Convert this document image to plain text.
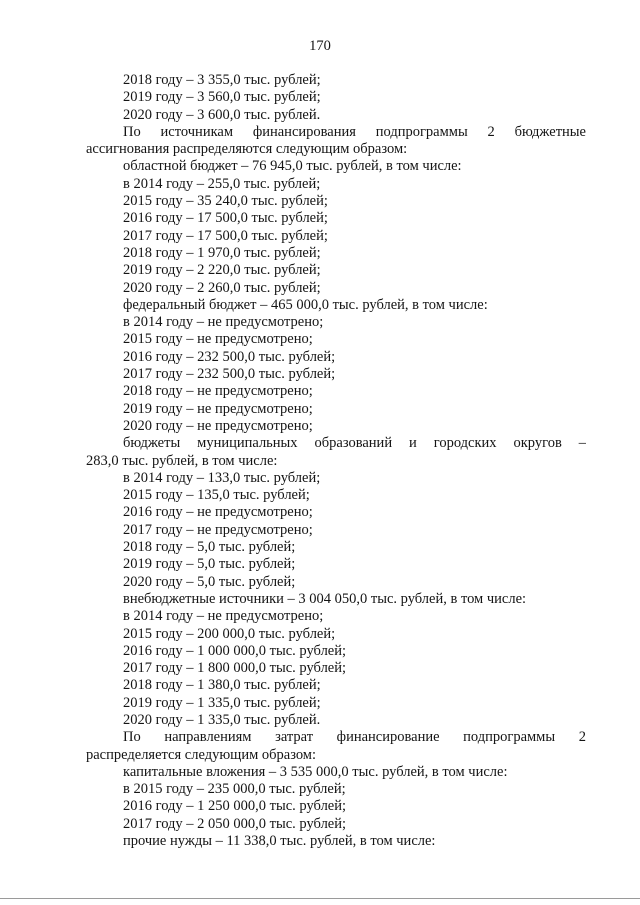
170
2018 году – 3 355,0 тыс. рублей;
2019 году – 3 560,0 тыс. рублей;
2020 году – 3 600,0 тыс. рублей.
По источникам финансирования подпрограммы 2 бюджетные
ассигнования распределяются следующим образом:
областной бюджет – 76 945,0 тыс. рублей, в том числе:
в 2014 году – 255,0 тыс. рублей;
2015 году – 35 240,0 тыс. рублей;
2016 году – 17 500,0 тыс. рублей;
2017 году – 17 500,0 тыс. рублей;
2018 году – 1 970,0 тыс. рублей;
2019 году – 2 220,0 тыс. рублей;
2020 году – 2 260,0 тыс. рублей;
федеральный бюджет – 465 000,0 тыс. рублей, в том числе:
в 2014 году – не предусмотрено;
2015 году – не предусмотрено;
2016 году – 232 500,0 тыс. рублей;
2017 году – 232 500,0 тыс. рублей;
2018 году – не предусмотрено;
2019 году – не предусмотрено;
2020 году – не предусмотрено;
бюджеты муниципальных образований и городских округов –
283,0 тыс. рублей, в том числе:
в 2014 году – 133,0 тыс. рублей;
2015 году – 135,0 тыс. рублей;
2016 году – не предусмотрено;
2017 году – не предусмотрено;
2018 году – 5,0 тыс. рублей;
2019 году – 5,0 тыс. рублей;
2020 году – 5,0 тыс. рублей;
внебюджетные источники – 3 004 050,0 тыс. рублей, в том числе:
в 2014 году – не предусмотрено;
2015 году – 200 000,0 тыс. рублей;
2016 году – 1 000 000,0 тыс. рублей;
2017 году – 1 800 000,0 тыс. рублей;
2018 году – 1 380,0 тыс. рублей;
2019 году – 1 335,0 тыс. рублей;
2020 году – 1 335,0 тыс. рублей.
По направлениям затрат финансирование подпрограммы 2
распределяется следующим образом:
капитальные вложения – 3 535 000,0 тыс. рублей, в том числе:
в 2015 году – 235 000,0 тыс. рублей;
2016 году – 1 250 000,0 тыс. рублей;
2017 году – 2 050 000,0 тыс. рублей;
прочие нужды – 11 338,0 тыс. рублей, в том числе:
